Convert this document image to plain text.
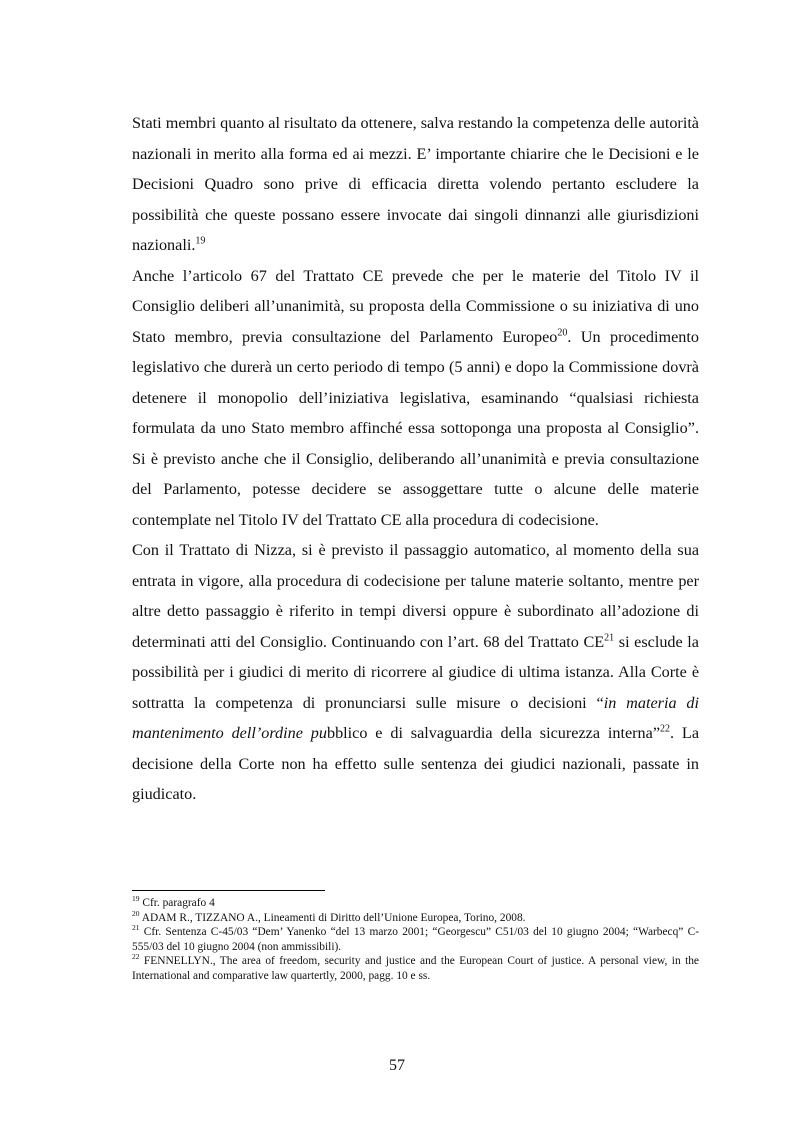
Stati membri quanto al risultato da ottenere, salva restando la competenza delle autorità nazionali in merito alla forma ed ai mezzi. E’ importante chiarire che le Decisioni e le Decisioni Quadro sono prive di efficacia diretta volendo pertanto escludere la possibilità che queste possano essere invocate dai singoli dinnanzi alle giurisdizioni nazionali.$^{19}$

Anche l’articolo 67 del Trattato CE prevede che per le materie del Titolo IV il Consiglio deliberi all’unanimità, su proposta della Commissione o su iniziativa di uno Stato membro, previa consultazione del Parlamento Europeo$^{20}$. Un procedimento legislativo che durerà un certo periodo di tempo (5 anni) e dopo la Commissione dovrà detenere il monopolio dell’iniziativa legislativa, esaminando “qualsiasi richiesta formulata da uno Stato membro affinché essa sottoponga una proposta al Consiglio”. Si è previsto anche che il Consiglio, deliberando all’unanimità e previa consultazione del Parlamento, potesse decidere se assoggettare tutte o alcune delle materie contemplate nel Titolo IV del Trattato CE alla procedura di codecisione.

Con il Trattato di Nizza, si è previsto il passaggio automatico, al momento della sua entrata in vigore, alla procedura di codecisione per talune materie soltanto, mentre per altre detto passaggio è riferito in tempi diversi oppure è subordinato all’adozione di determinati atti del Consiglio. Continuando con l’art. 68 del Trattato CE$^{21}$ si esclude la possibilità per i giudici di merito di ricorrere al giudice di ultima istanza. Alla Corte è sottratta la competenza di pronunciarsi sulle misure o decisioni “in materia di mantenimento dell’ordine pubblico e di salvaguardia della sicurezza interna”$^{22}$. La decisione della Corte non ha effetto sulle sentenza dei giudici nazionali, passate in giudicato.

$^{19}$ Cfr. paragrafo 4

$^{20}$ ADAM R., TIZZANO A., Lineamenti di Diritto dell’Unione Europea, Torino, 2008.

$^{21}$ Cfr. Sentenza C-45/03 “Dem’ Yanenko “del 13 marzo 2001; “Georgescu” C51/03 del 10 giugno 2004; “Warbecq” C-555/03 del 10 giugno 2004 (non ammissibili).

$^{22}$ FENNELLYN., The area of freedom, security and justice and the European Court of justice. A personal view, in the International and comparative law quartertly, 2000, pagg. 10 e ss.

57
